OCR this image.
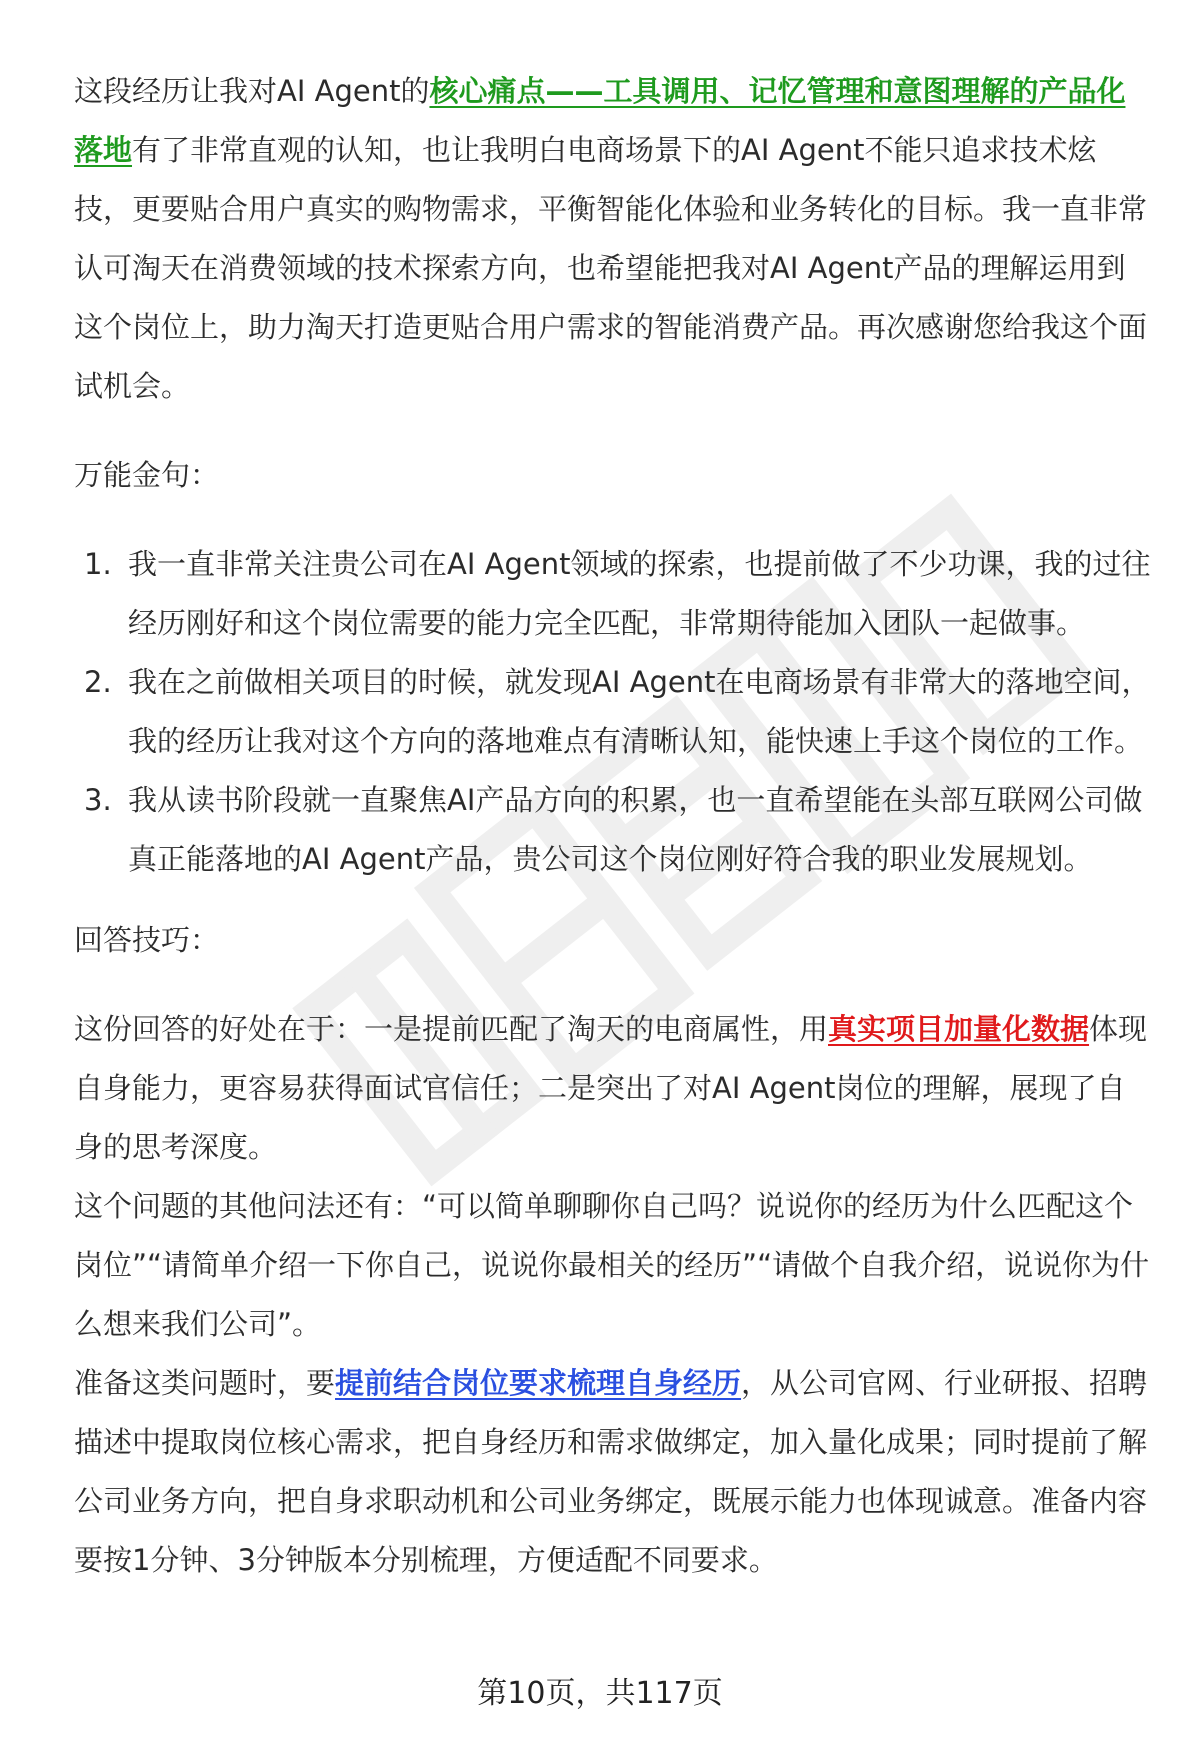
这段经历让我对AI Agent的核心痛点——工具调用、记忆管理和意图理解的产品化落地有了非常直观的认知，也让我明白电商场景下的AI Agent不能只追求技术炫技，更要贴合用户真实的购物需求，平衡智能化体验和业务转化的目标。我一直非常认可淘天在消费领域的技术探索方向，也希望能把我对AI Agent产品的理解运用到这个岗位上，助力淘天打造更贴合用户需求的智能消费产品。再次感谢您给我这个面试机会。

万能金句：

1. 我一直非常关注贵公司在AI Agent领域的探索，也提前做了不少功课，我的过往经历刚好和这个岗位需要的能力完全匹配，非常期待能加入团队一起做事。
2. 我在之前做相关项目的时候，就发现AI Agent在电商场景有非常大的落地空间，我的经历让我对这个方向的落地难点有清晰认知，能快速上手这个岗位的工作。
3. 我从读书阶段就一直聚焦AI产品方向的积累，也一直希望能在头部互联网公司做真正能落地的AI Agent产品，贵公司这个岗位刚好符合我的职业发展规划。

回答技巧：

这份回答的好处在于：一是提前匹配了淘天的电商属性，用真实项目加量化数据体现自身能力，更容易获得面试官信任；二是突出了对AI Agent岗位的理解，展现了自身的思考深度。

这个问题的其他问法还有：“可以简单聊聊你自己吗？说说你的经历为什么匹配这个岗位”“请简单介绍一下你自己，说说你最相关的经历”“请做个自我介绍，说说你为什么想来我们公司”。

准备这类问题时，要提前结合岗位要求梳理自身经历，从公司官网、行业研报、招聘描述中提取岗位核心需求，把自身经历和需求做绑定，加入量化成果；同时提前了解公司业务方向，把自身求职动机和公司业务绑定，既展示能力也体现诚意。准备内容要按1分钟、3分钟版本分别梳理，方便适配不同要求。

第10页，共117页
